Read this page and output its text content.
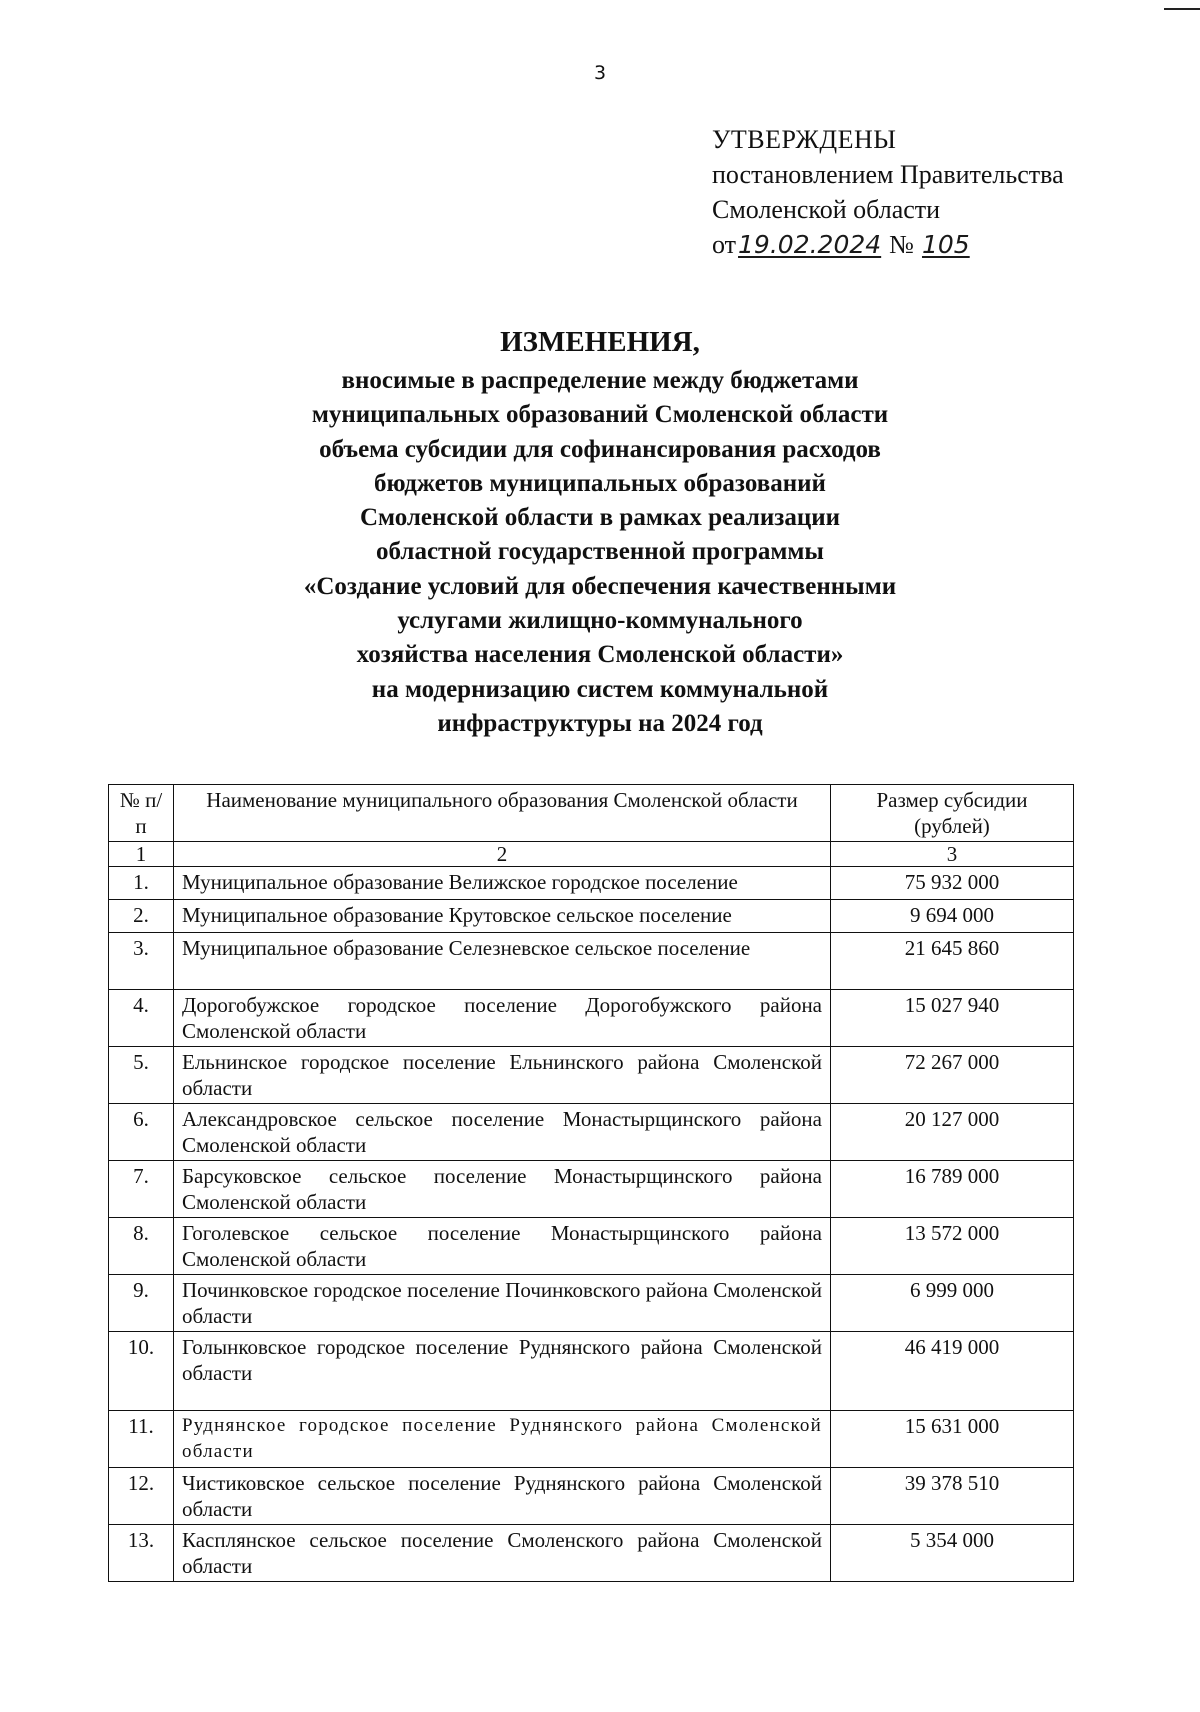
3
УТВЕРЖДЕНЫ
постановлением Правительства
Смоленской области
от 19.02.2024 № 105
ИЗМЕНЕНИЯ,
вносимые в распределение между бюджетами
муниципальных образований Смоленской области
объема субсидии для софинансирования расходов
бюджетов муниципальных образований
Смоленской области в рамках реализации
областной государственной программы
«Создание условий для обеспечения качественными
услугами жилищно-коммунального
хозяйства населения Смоленской области»
на модернизацию систем коммунальной
инфраструктуры на 2024 год
№ п/п	Наименование муниципального образования Смоленской области	Размер субсидии (рублей)
1	2	3
1.	Муниципальное образование Велижское городское поселение	75 932 000
2.	Муниципальное образование Крутовское сельское поселение	9 694 000
3.	Муниципальное образование Селезневское сельское поселение	21 645 860
4.	Дорогобужское городское поселение Дорогобужского района Смоленской области	15 027 940
5.	Ельнинское городское поселение Ельнинского района Смоленской области	72 267 000
6.	Александровское сельское поселение Монастырщинского района Смоленской области	20 127 000
7.	Барсуковское сельское поселение Монастырщинского района Смоленской области	16 789 000
8.	Гоголевское сельское поселение Монастырщинского района Смоленской области	13 572 000
9.	Починковское городское поселение Починковского района Смоленской области	6 999 000
10.	Голынковское городское поселение Руднянского района Смоленской области	46 419 000
11.	Руднянское городское поселение Руднянского района Смоленской области	15 631 000
12.	Чистиковское сельское поселение Руднянского района Смоленской области	39 378 510
13.	Касплянское сельское поселение Смоленского района Смоленской области	5 354 000
